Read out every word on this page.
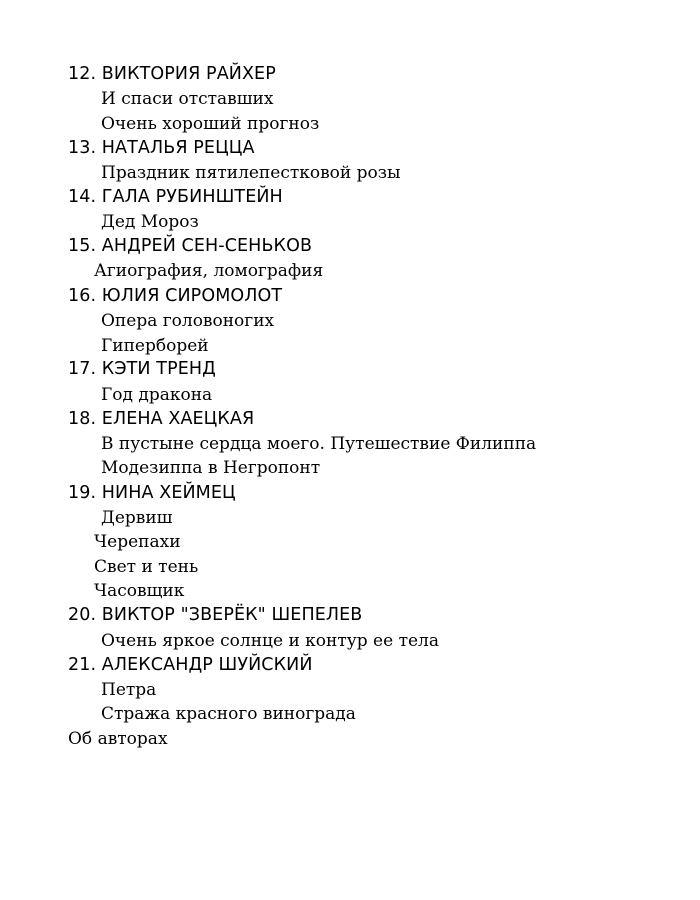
12. ВИКТОРИЯ РАЙХЕР
И спаси отставших
Очень хороший прогноз
13. НАТАЛЬЯ РЕЦЦА
Праздник пятилепестковой розы
14. ГАЛА РУБИНШТЕЙН
Дед Мороз
15. АНДРЕЙ СЕН-СЕНЬКОВ
Агиография, ломография
16. ЮЛИЯ СИРОМОЛОТ
Опера головоногих
Гиперборей
17. КЭТИ ТРЕНД
Год дракона
18. ЕЛЕНА ХАЕЦКАЯ
В пустыне сердца моего. Путешествие Филиппа
Модезиппа в Негропонт
19. НИНА ХЕЙМЕЦ
Дервиш
Черепахи
Свет и тень
Часовщик
20. ВИКТОР "ЗВЕРЁК" ШЕПЕЛЕВ
Очень яркое солнце и контур ее тела
21. АЛЕКСАНДР ШУЙСКИЙ
Петра
Стража красного винограда
Об авторах
